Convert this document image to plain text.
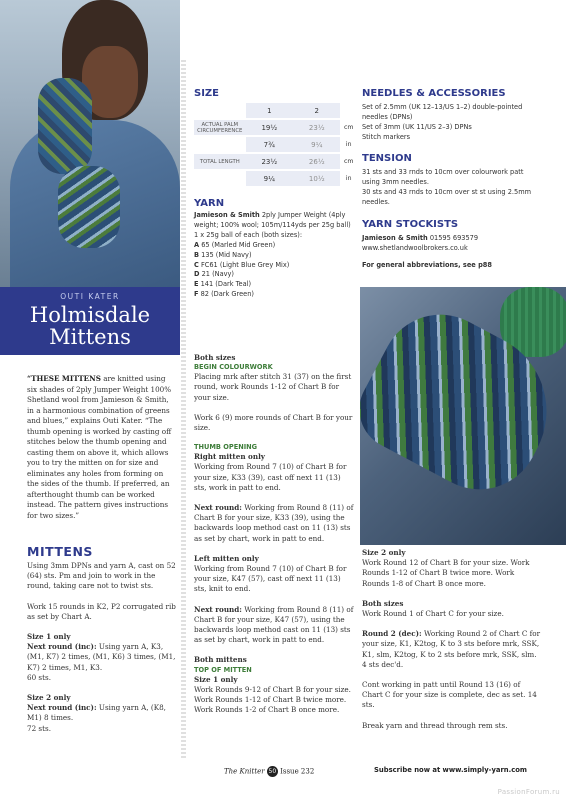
OUTI KATER
Holmisdale
Mittens
“THESE MITTENS are knitted using six shades of 2ply Jumper Weight 100% Shetland wool from Jamieson & Smith, in a harmonious combination of greens and blues,” explains Outi Kater. “The thumb opening is worked by casting off stitches below the thumb opening and casting them on above it, which allows you to try the mitten on for size and eliminates any holes from forming on the sides of the thumb. If preferred, an afterthought thumb can be worked instead. The pattern gives instructions for two sizes.”
MITTENS

Using 3mm DPNs and yarn A, cast on 52 (64) sts. Pm and join to work in the round, taking care not to twist sts.

Work 15 rounds in K2, P2 corrugated rib as set by Chart A.

Size 1 only

Next round (inc): Using yarn A, K3, (M1, K7) 2 times, (M1, K6) 3 times, (M1, K7) 2 times, M1, K3.

60 sts.

Size 2 only

Next round (inc): Using yarn A, (K8, M1) 8 times.

72 sts.

SIZE
	1	2	
ACTUAL PALM CIRCUMFERENCE	19½	23½	cm
	7¾	9¼	in
TOTAL LENGTH	23½	26½	cm
	9¼	10½	in
YARN

Jamieson & Smith 2ply Jumper Weight (4ply weight; 100% wool; 105m/114yds per 25g ball)

1 x 25g ball of each (both sizes):

A 65 (Marled Mid Green)

B 135 (Mid Navy)

C FC61 (Light Blue Grey Mix)

D 21 (Navy)

E 141 (Dark Teal)

F 82 (Dark Green)

NEEDLES & ACCESSORIES

Set of 2.5mm (UK 12–13/US 1–2) double-pointed needles (DPNs)

Set of 3mm (UK 11/US 2–3) DPNs

Stitch markers

TENSION

31 sts and 33 rnds to 10cm over colourwork patt using 3mm needles.

30 sts and 43 rnds to 10cm over st st using 2.5mm needles.

YARN STOCKISTS

Jamieson & Smith 01595 693579

www.shetlandwoolbrokers.co.uk

For general abbreviations, see p88

Both sizes

BEGIN COLOURWORK

Placing mrk after stitch 31 (37) on the first round, work Rounds 1-12 of Chart B for your size.

Work 6 (9) more rounds of Chart B for your size.

THUMB OPENING

Right mitten only

Working from Round 7 (10) of Chart B for your size, K33 (39), cast off next 11 (13) sts, work in patt to end.

Next round: Working from Round 8 (11) of Chart B for your size, K33 (39), using the backwards loop method cast on 11 (13) sts as set by chart, work in patt to end.

Left mitten only

Working from Round 7 (10) of Chart B for your size, K47 (57), cast off next 11 (13) sts, knit to end.

Next round: Working from Round 8 (11) of Chart B for your size, K47 (57), using the backwards loop method cast on 11 (13) sts as set by chart, work in patt to end.

Both mittens

TOP OF MITTEN

Size 1 only

Work Rounds 9-12 of Chart B for your size. Work Rounds 1-12 of Chart B twice more. Work Rounds 1-2 of Chart B once more.

Size 2 only

Work Round 12 of Chart B for your size. Work Rounds 1-12 of Chart B twice more. Work Rounds 1-8 of Chart B once more.

Both sizes

Work Round 1 of Chart C for your size.

Round 2 (dec): Working Round 2 of Chart C for your size, K1, K2tog, K to 3 sts before mrk, SSK, K1, slm, K2tog, K to 2 sts before mrk, SSK, slm. 4 sts dec'd.

Cont working in patt until Round 13 (16) of Chart C for your size is complete, dec as set. 14 sts.

Break yarn and thread through rem sts.

The Knitter 50 Issue 232	Subscribe now at www.simply-yarn.com
PassionForum.ru
